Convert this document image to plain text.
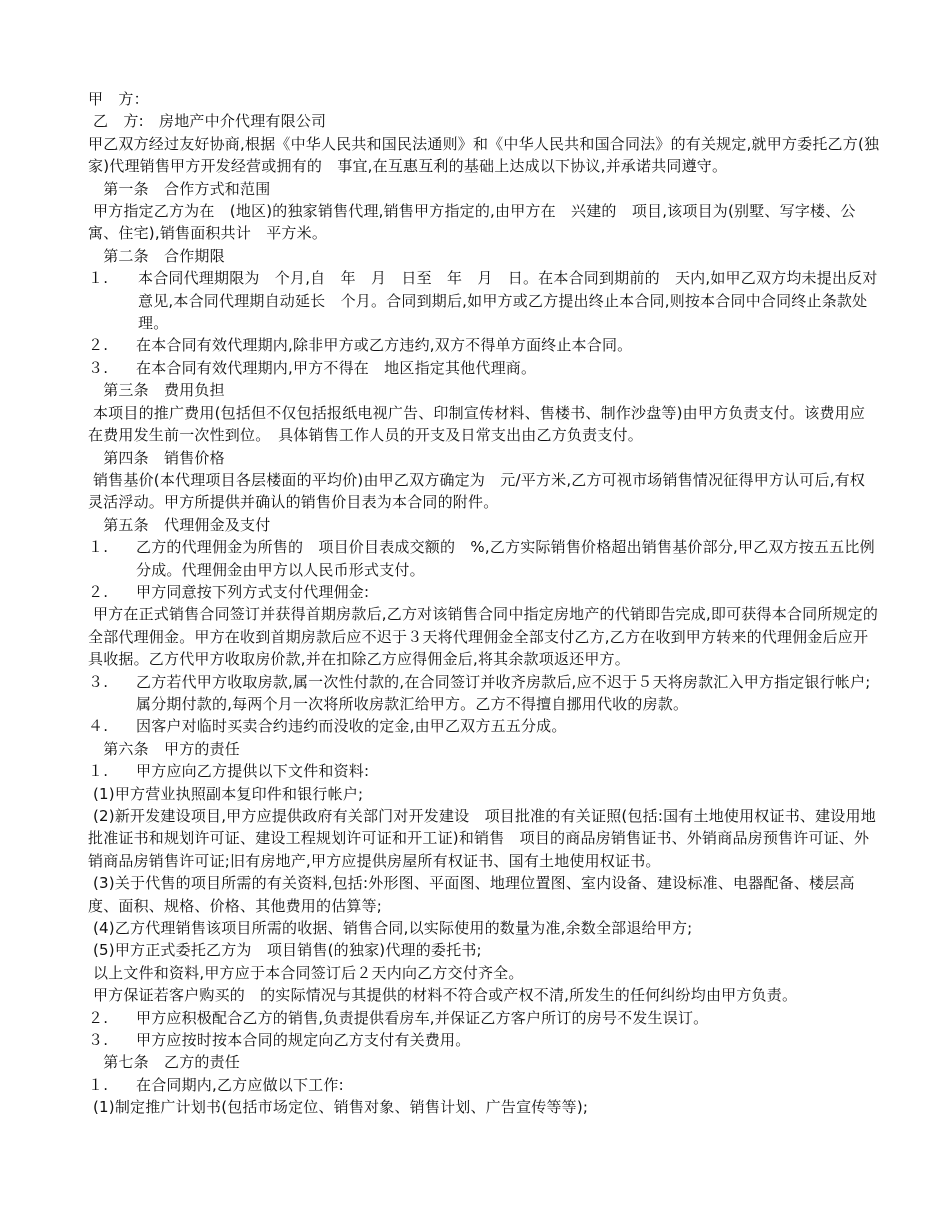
甲　方：
乙　方:　房地产中介代理有限公司
甲乙双方经过友好协商,根据《中华人民共和国民法通则》和《中华人民共和国合同法》的有关规定,就甲方委托乙方(独家)代理销售甲方开发经营或拥有的　事宜,在互惠互利的基础上达成以下协议,并承诺共同遵守。
　第一条　合作方式和范围
甲方指定乙方为在　(地区)的独家销售代理,销售甲方指定的,由甲方在　兴建的　项目,该项目为(别墅、写字楼、公寓、住宅),销售面积共计　平方米。
　第二条　合作期限
１.	本合同代理期限为　个月,自　年　月　日至　年　月　日。在本合同到期前的　天内,如甲乙双方均未提出反对意见,本合同代理期自动延长　个月。合同到期后,如甲方或乙方提出终止本合同,则按本合同中合同终止条款处理。
２.	在本合同有效代理期内,除非甲方或乙方违约,双方不得单方面终止本合同。
３.	在本合同有效代理期内,甲方不得在　地区指定其他代理商。
　第三条　费用负担
本项目的推广费用(包括但不仅包括报纸电视广告、印制宣传材料、售楼书、制作沙盘等)由甲方负责支付。该费用应在费用发生前一次性到位。　具体销售工作人员的开支及日常支出由乙方负责支付。
　第四条　销售价格
销售基价(本代理项目各层楼面的平均价)由甲乙双方确定为　元/平方米,乙方可视市场销售情况征得甲方认可后,有权灵活浮动。甲方所提供并确认的销售价目表为本合同的附件。
　第五条　代理佣金及支付
１.	乙方的代理佣金为所售的　项目价目表成交额的　%,乙方实际销售价格超出销售基价部分,甲乙双方按五五比例分成。代理佣金由甲方以人民币形式支付。
２.	甲方同意按下列方式支付代理佣金:
甲方在正式销售合同签订并获得首期房款后,乙方对该销售合同中指定房地产的代销即告完成,即可获得本合同所规定的全部代理佣金。甲方在收到首期房款后应不迟于３天将代理佣金全部支付乙方,乙方在收到甲方转来的代理佣金后应开具收据。乙方代甲方收取房价款,并在扣除乙方应得佣金后,将其余款项返还甲方。
３.	乙方若代甲方收取房款,属一次性付款的,在合同签订并收齐房款后,应不迟于５天将房款汇入甲方指定银行帐户;属分期付款的,每两个月一次将所收房款汇给甲方。乙方不得擅自挪用代收的房款。
４.	因客户对临时买卖合约违约而没收的定金,由甲乙双方五五分成。
　第六条　甲方的责任
１.	甲方应向乙方提供以下文件和资料:
(1)甲方营业执照副本复印件和银行帐户;
(2)新开发建设项目,甲方应提供政府有关部门对开发建设　项目批准的有关证照(包括:国有土地使用权证书、建设用地批准证书和规划许可证、建设工程规划许可证和开工证)和销售　项目的商品房销售证书、外销商品房预售许可证、外销商品房销售许可证;旧有房地产,甲方应提供房屋所有权证书、国有土地使用权证书。
(3)关于代售的项目所需的有关资料,包括:外形图、平面图、地理位置图、室内设备、建设标准、电器配备、楼层高度、面积、规格、价格、其他费用的估算等;
(4)乙方代理销售该项目所需的收据、销售合同,以实际使用的数量为准,余数全部退给甲方;
(5)甲方正式委托乙方为　项目销售(的独家)代理的委托书;
以上文件和资料,甲方应于本合同签订后２天内向乙方交付齐全。
甲方保证若客户购买的　的实际情况与其提供的材料不符合或产权不清,所发生的任何纠纷均由甲方负责。
２.	甲方应积极配合乙方的销售,负责提供看房车,并保证乙方客户所订的房号不发生误订。
３.	甲方应按时按本合同的规定向乙方支付有关费用。
　第七条　乙方的责任
１.	在合同期内,乙方应做以下工作:
(1)制定推广计划书(包括市场定位、销售对象、销售计划、广告宣传等等);
